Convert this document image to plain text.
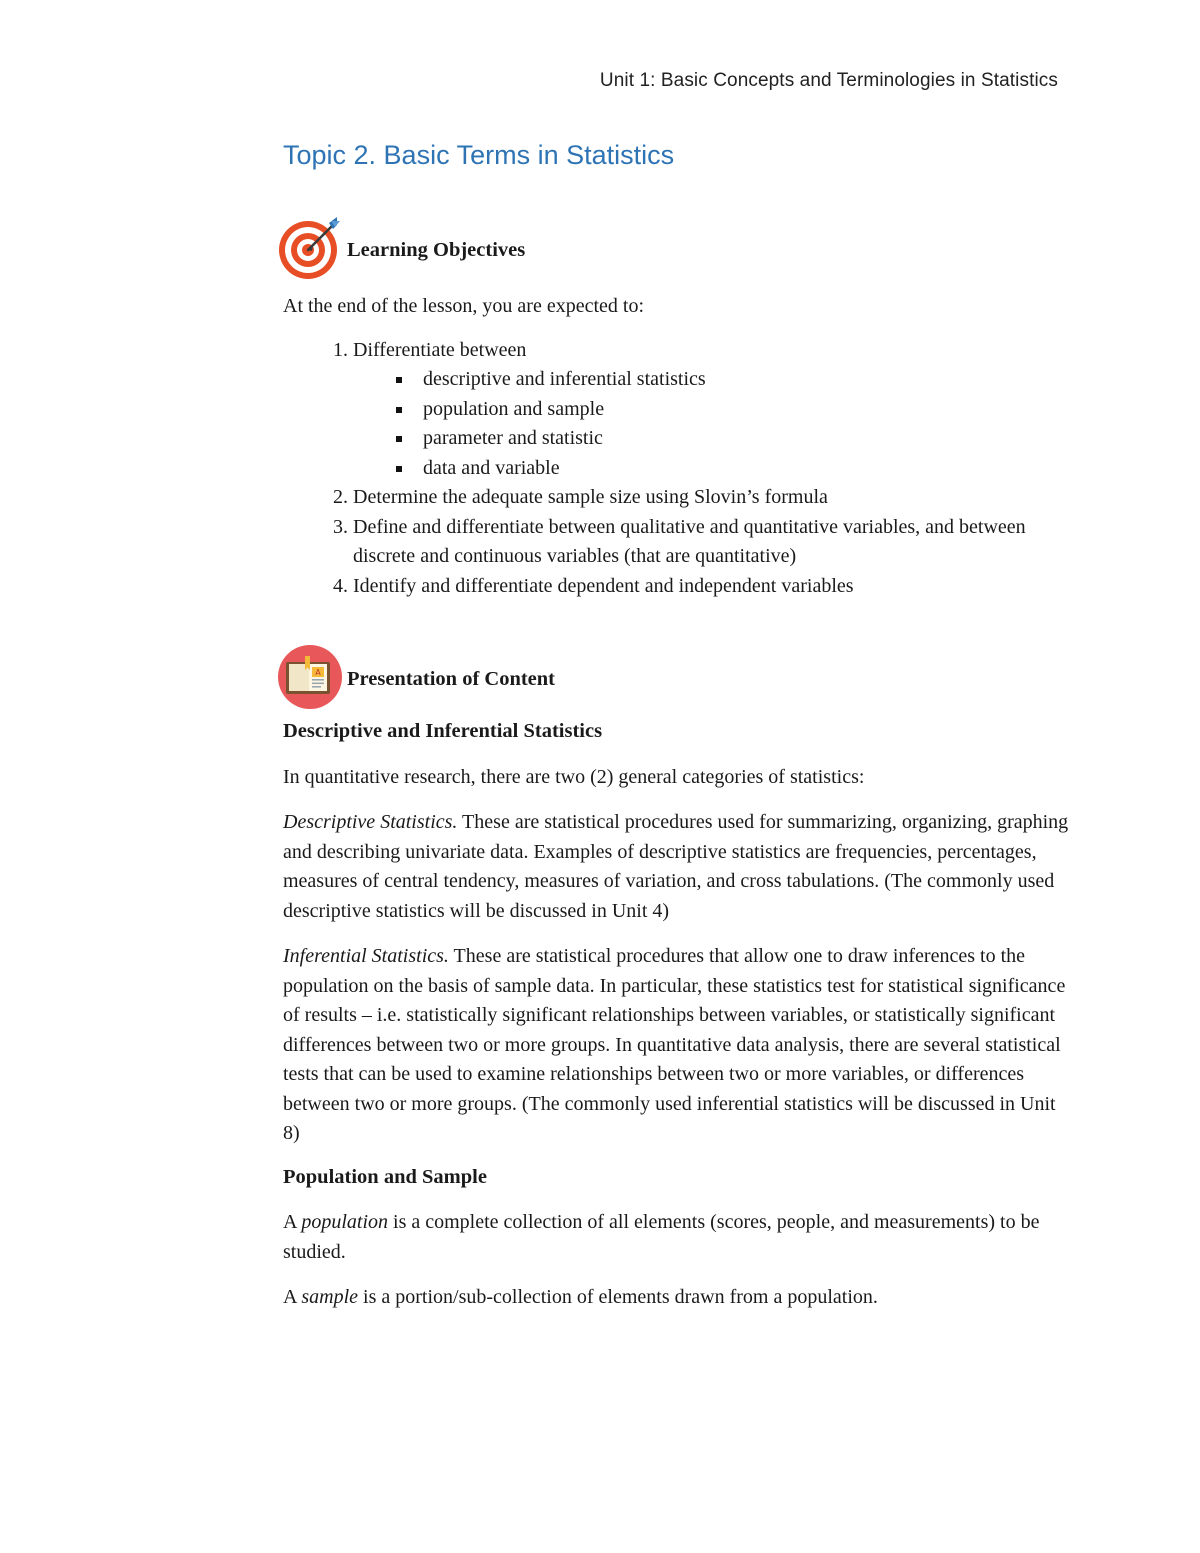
Unit 1: Basic Concepts and Terminologies in Statistics
Topic 2. Basic Terms in Statistics
Learning Objectives

At the end of the lesson, you are expected to:

1. Differentiate between
descriptive and inferential statistics
population and sample
parameter and statistic
data and variable
2. Determine the adequate sample size using Slovin’s formula
3. Define and differentiate between qualitative and quantitative variables, and between discrete and continuous variables (that are quantitative)
4. Identify and differentiate dependent and independent variables
A Presentation of Content

Descriptive and Inferential Statistics

In quantitative research, there are two (2) general categories of statistics:

Descriptive Statistics. These are statistical procedures used for summarizing, organizing, graphing and describing univariate data. Examples of descriptive statistics are frequencies, percentages, measures of central tendency, measures of variation, and cross tabulations. (The commonly used descriptive statistics will be discussed in Unit 4)

Inferential Statistics. These are statistical procedures that allow one to draw inferences to the population on the basis of sample data. In particular, these statistics test for statistical significance of results – i.e. statistically significant relationships between variables, or statistically significant differences between two or more groups. In quantitative data analysis, there are several statistical tests that can be used to examine relationships between two or more variables, or differences between two or more groups. (The commonly used inferential statistics will be discussed in Unit 8)

Population and Sample

A population is a complete collection of all elements (scores, people, and measurements) to be studied.

A sample is a portion/sub-collection of elements drawn from a population.
